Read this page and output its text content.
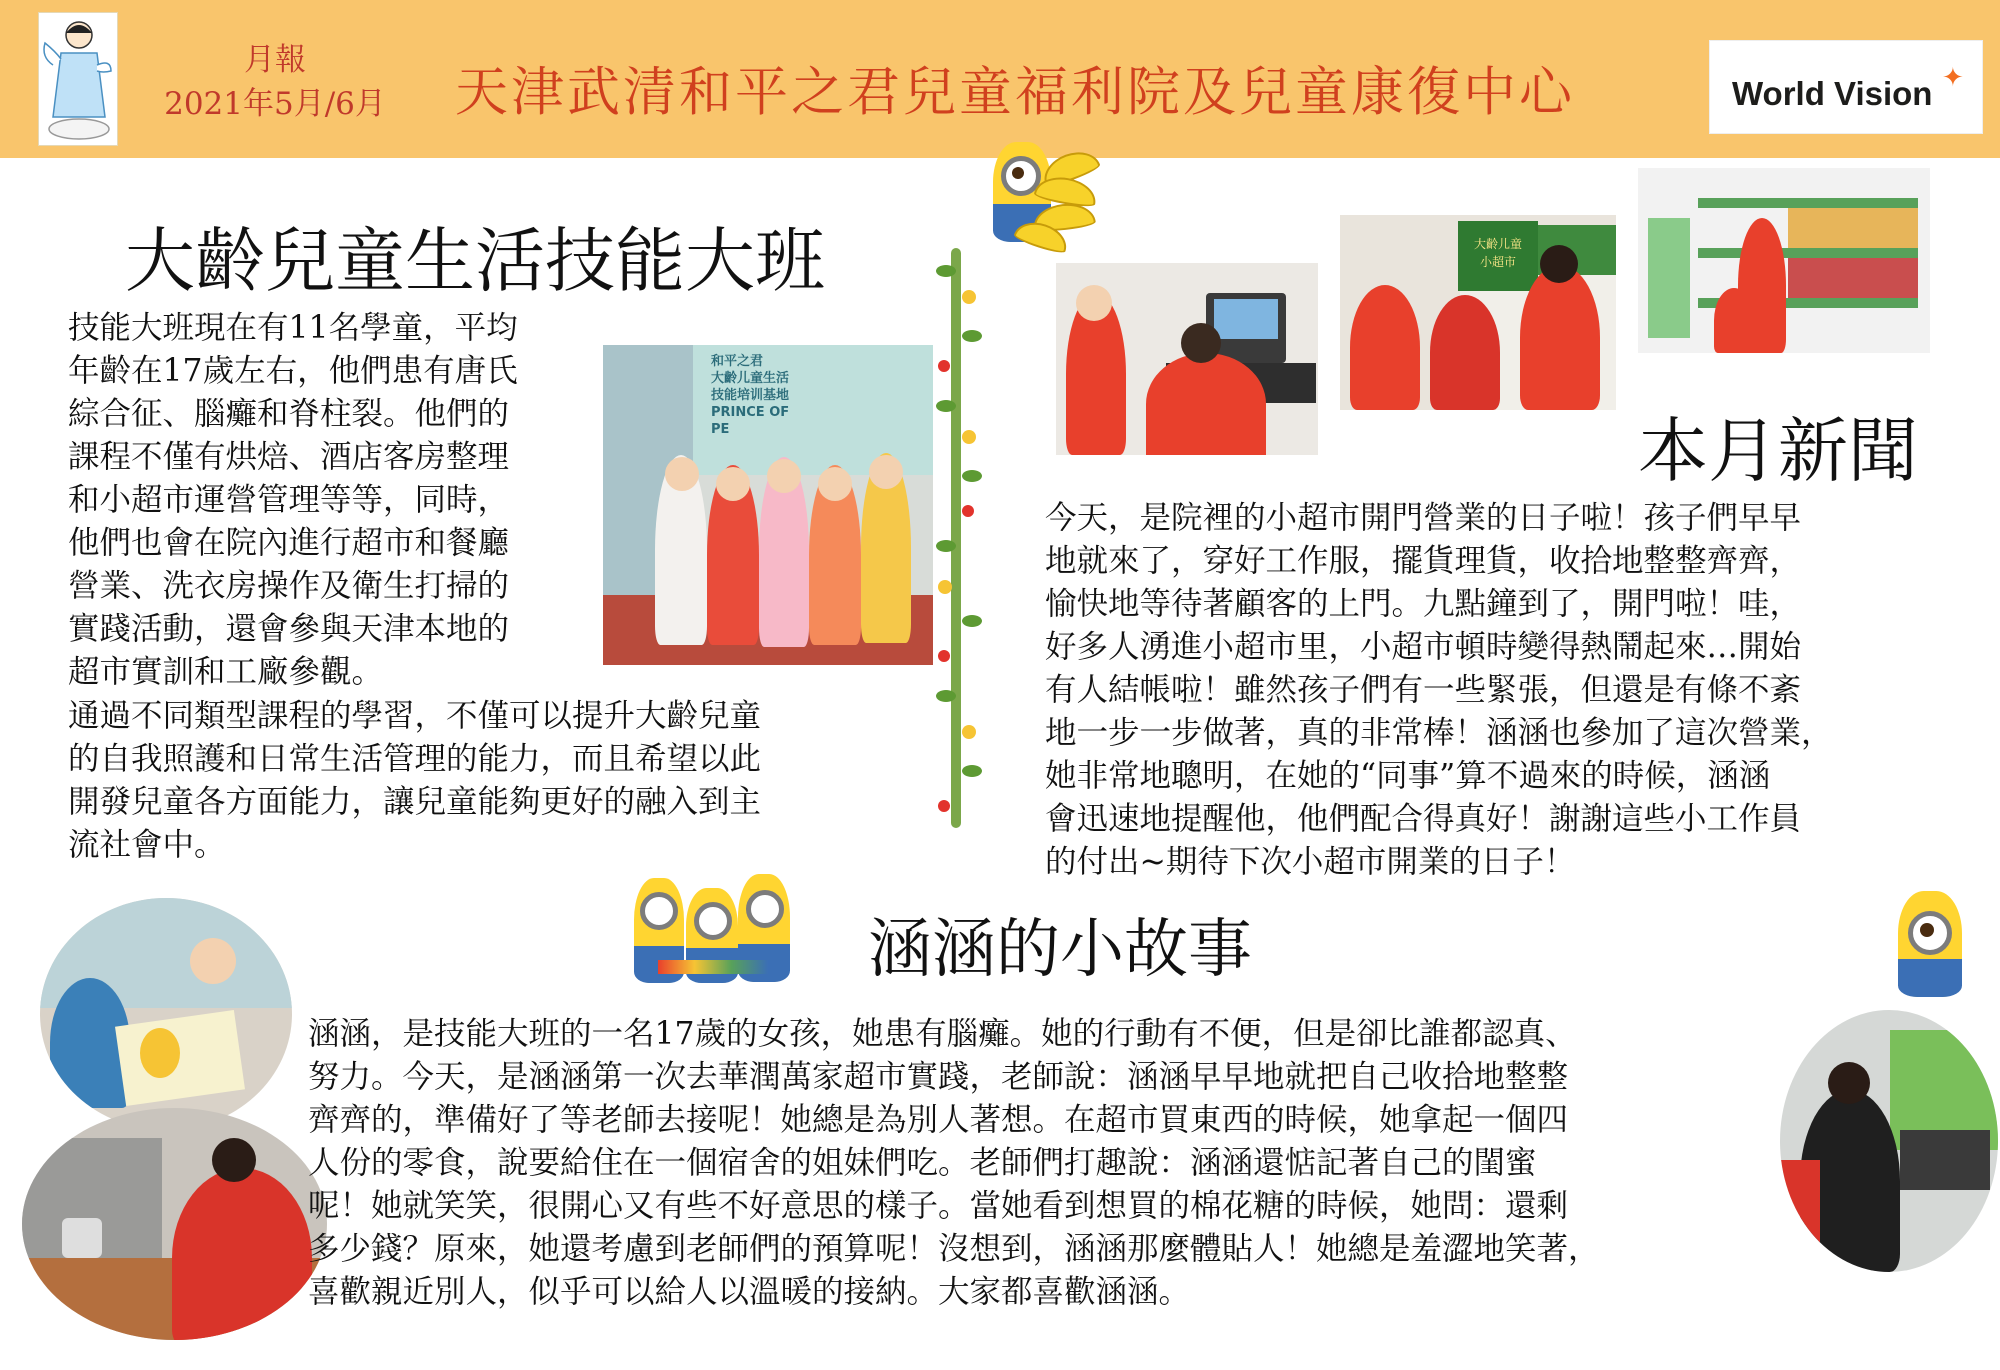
月報
2021年5月/6月	天津武清和平之君兒童福利院及兒童康復中心	World Vision ✦
大齡兒童生活技能大班
技能大班現在有11名學童，平均
年齡在17歲左右，他們患有唐氏
綜合征、腦癱和脊柱裂。他們的
課程不僅有烘焙、酒店客房整理
和小超市運營管理等等，同時，
他們也會在院內進行超市和餐廳
營業、洗衣房操作及衛生打掃的
實踐活動，還會參與天津本地的
超市實訓和工廠參觀。
通過不同類型課程的學習，不僅可以提升大齡兒童
的自我照護和日常生活管理的能力，而且希望以此
開發兒童各方面能力，讓兒童能夠更好的融入到主
流社會中。
和平之君
大齡儿童生活
技能培训基地
PRINCE OF PE
大齡儿童
小超市
本月新聞
今天，是院裡的小超市開門營業的日子啦！孩子們早早
地就來了，穿好工作服，擺貨理貨，收拾地整整齊齊，
愉快地等待著顧客的上門。九點鐘到了，開門啦！哇，
好多人湧進小超市里，小超市頓時變得熱鬧起來…開始
有人結帳啦！雖然孩子們有一些緊張，但還是有條不紊
地一步一步做著，真的非常棒！涵涵也參加了這次營業，
她非常地聰明，在她的“同事”算不過來的時候，涵涵
會迅速地提醒他，他們配合得真好！謝謝這些小工作員
的付出~期待下次小超市開業的日子！
涵涵的小故事
涵涵，是技能大班的一名17歲的女孩，她患有腦癱。她的行動有不便，但是卻比誰都認真、
努力。今天，是涵涵第一次去華潤萬家超市實踐，老師說：涵涵早早地就把自己收拾地整整
齊齊的，準備好了等老師去接呢！她總是為別人著想。在超市買東西的時候，她拿起一個四
人份的零食，說要給住在一個宿舍的姐妹們吃。老師們打趣說：涵涵還惦記著自己的閨蜜
呢！她就笑笑，很開心又有些不好意思的樣子。當她看到想買的棉花糖的時候，她問：還剩
多少錢？原來，她還考慮到老師們的預算呢！沒想到，涵涵那麼體貼人！她總是羞澀地笑著，
喜歡親近別人，似乎可以給人以溫暖的接納。大家都喜歡涵涵。
